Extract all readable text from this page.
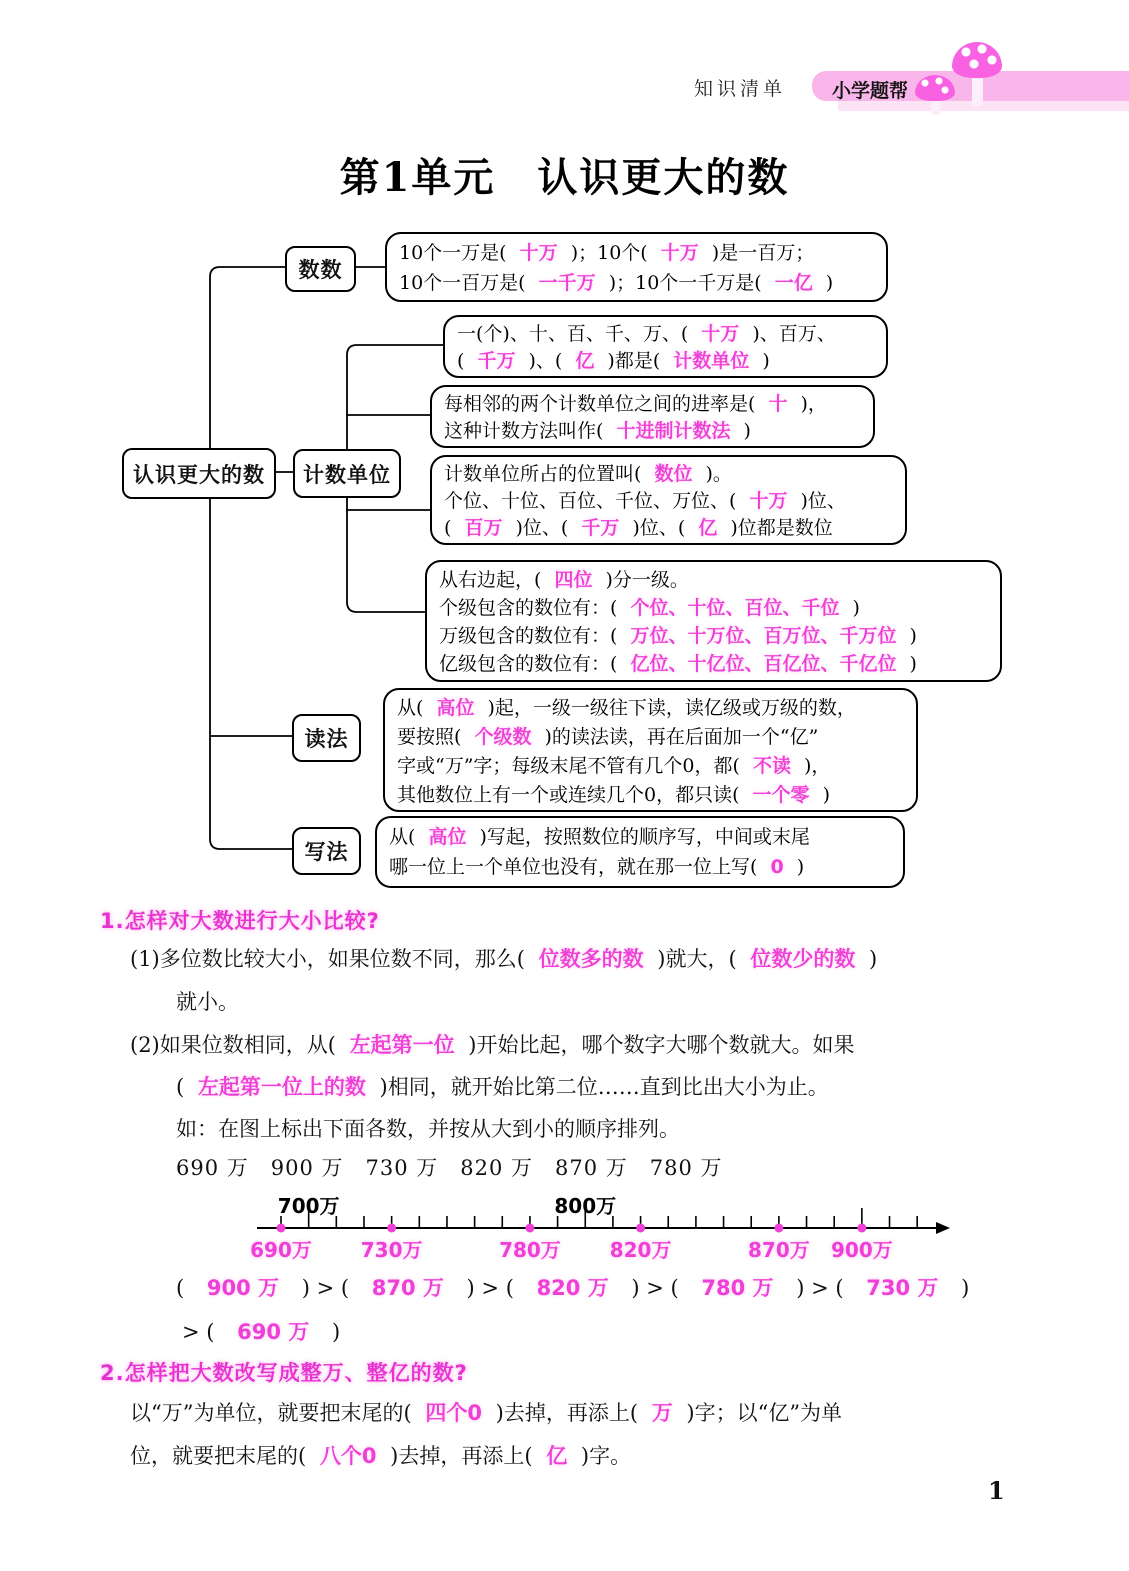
知识清单 小学题帮
第1单元　认识更大的数
认识更大的数
数数
计数单位
读法
写法
10个一万是( 十万 )；10个( 十万 )是一百万；
10个一百万是( 一千万 )；10个一千万是( 一亿 )
一(个)、十、百、千、万、( 十万 )、百万、
( 千万 )、( 亿 )都是( 计数单位 )
每相邻的两个计数单位之间的进率是( 十 )，
这种计数方法叫作( 十进制计数法 )
计数单位所占的位置叫( 数位 )。
个位、十位、百位、千位、万位、( 十万 )位、
( 百万 )位、( 千万 )位、( 亿 )位都是数位
从右边起，( 四位 )分一级。
个级包含的数位有：( 个位、十位、百位、千位 )
万级包含的数位有：( 万位、十万位、百万位、千万位 )
亿级包含的数位有：( 亿位、十亿位、百亿位、千亿位 )
从( 高位 )起，一级一级往下读，读亿级或万级的数，
要按照( 个级数 )的读法读，再在后面加一个“亿”
字或“万”字；每级末尾不管有几个0，都( 不读 )，
其他数位上有一个或连续几个0，都只读( 一个零 )
从( 高位 )写起，按照数位的顺序写，中间或末尾
哪一位上一个单位也没有，就在那一位上写( 0 )
1.怎样对大数进行大小比较?
(1)多位数比较大小，如果位数不同，那么( 位数多的数 )就大，( 位数少的数 )
就小。
(2)如果位数相同，从( 左起第一位 )开始比起，哪个数字大哪个数就大。如果
( 左起第一位上的数 )相同，就开始比第二位……直到比出大小为止。
如：在图上标出下面各数，并按从大到小的顺序排列。
690 万　900 万　730 万　820 万　870 万　780 万
700万	800万
690万 730万	780万 820万	870万 900万
( 900 万 ) > ( 870 万 ) > ( 820 万 ) > ( 780 万 ) > ( 730 万 )
> ( 690 万 )
2.怎样把大数改写成整万、整亿的数?
以“万”为单位，就要把末尾的( 四个0 )去掉，再添上( 万 )字；以“亿”为单
位，就要把末尾的( 八个0 )去掉，再添上( 亿 )字。
1
